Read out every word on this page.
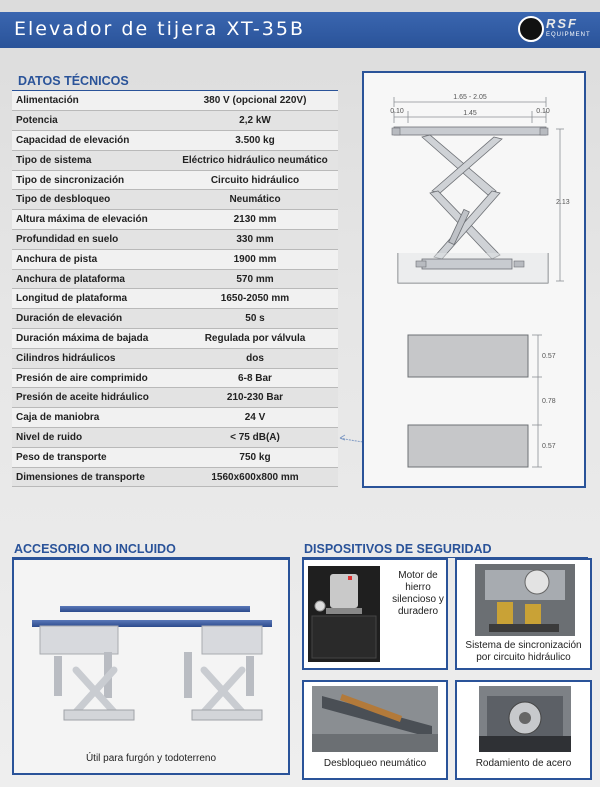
Elevador de tijera XT-35B	RSF
EQUIPMENT
DATOS TÉCNICOS
Alimentación	380 V (opcional 220V)
Potencia	2,2 kW
Capacidad de elevación	3.500 kg
Tipo de sistema	Eléctrico hidráulico neumático
Tipo de sincronización	Circuito hidráulico
Tipo de desbloqueo	Neumático
Altura máxima de elevación	2130 mm
Profundidad en suelo	330 mm
Anchura de pista	1900 mm
Anchura de plataforma	570 mm
Longitud de plataforma	1650-2050 mm
Duración de elevación	50 s
Duración máxima de bajada	Regulada por válvula
Cilindros hidráulicos	dos
Presión de aire comprimido	6-8 Bar
Presión de aceite hidráulico	210-230 Bar
Caja de maniobra	24 V
Nivel de ruido	< 75 dB(A)
Peso de transporte	750 kg
Dimensiones de transporte	1560x600x800 mm
1.65 - 2.05
0.10	1.45	0.10
2.13
0.57
0.78
0.57
ACCESORIO NO INCLUIDO
Útil para furgón y todoterreno
DISPOSITIVOS DE SEGURIDAD
Motor de hierro silencioso y duradero
Sistema de sincronización por circuito hidráulico
Desbloqueo neumático	Rodamiento de acero
